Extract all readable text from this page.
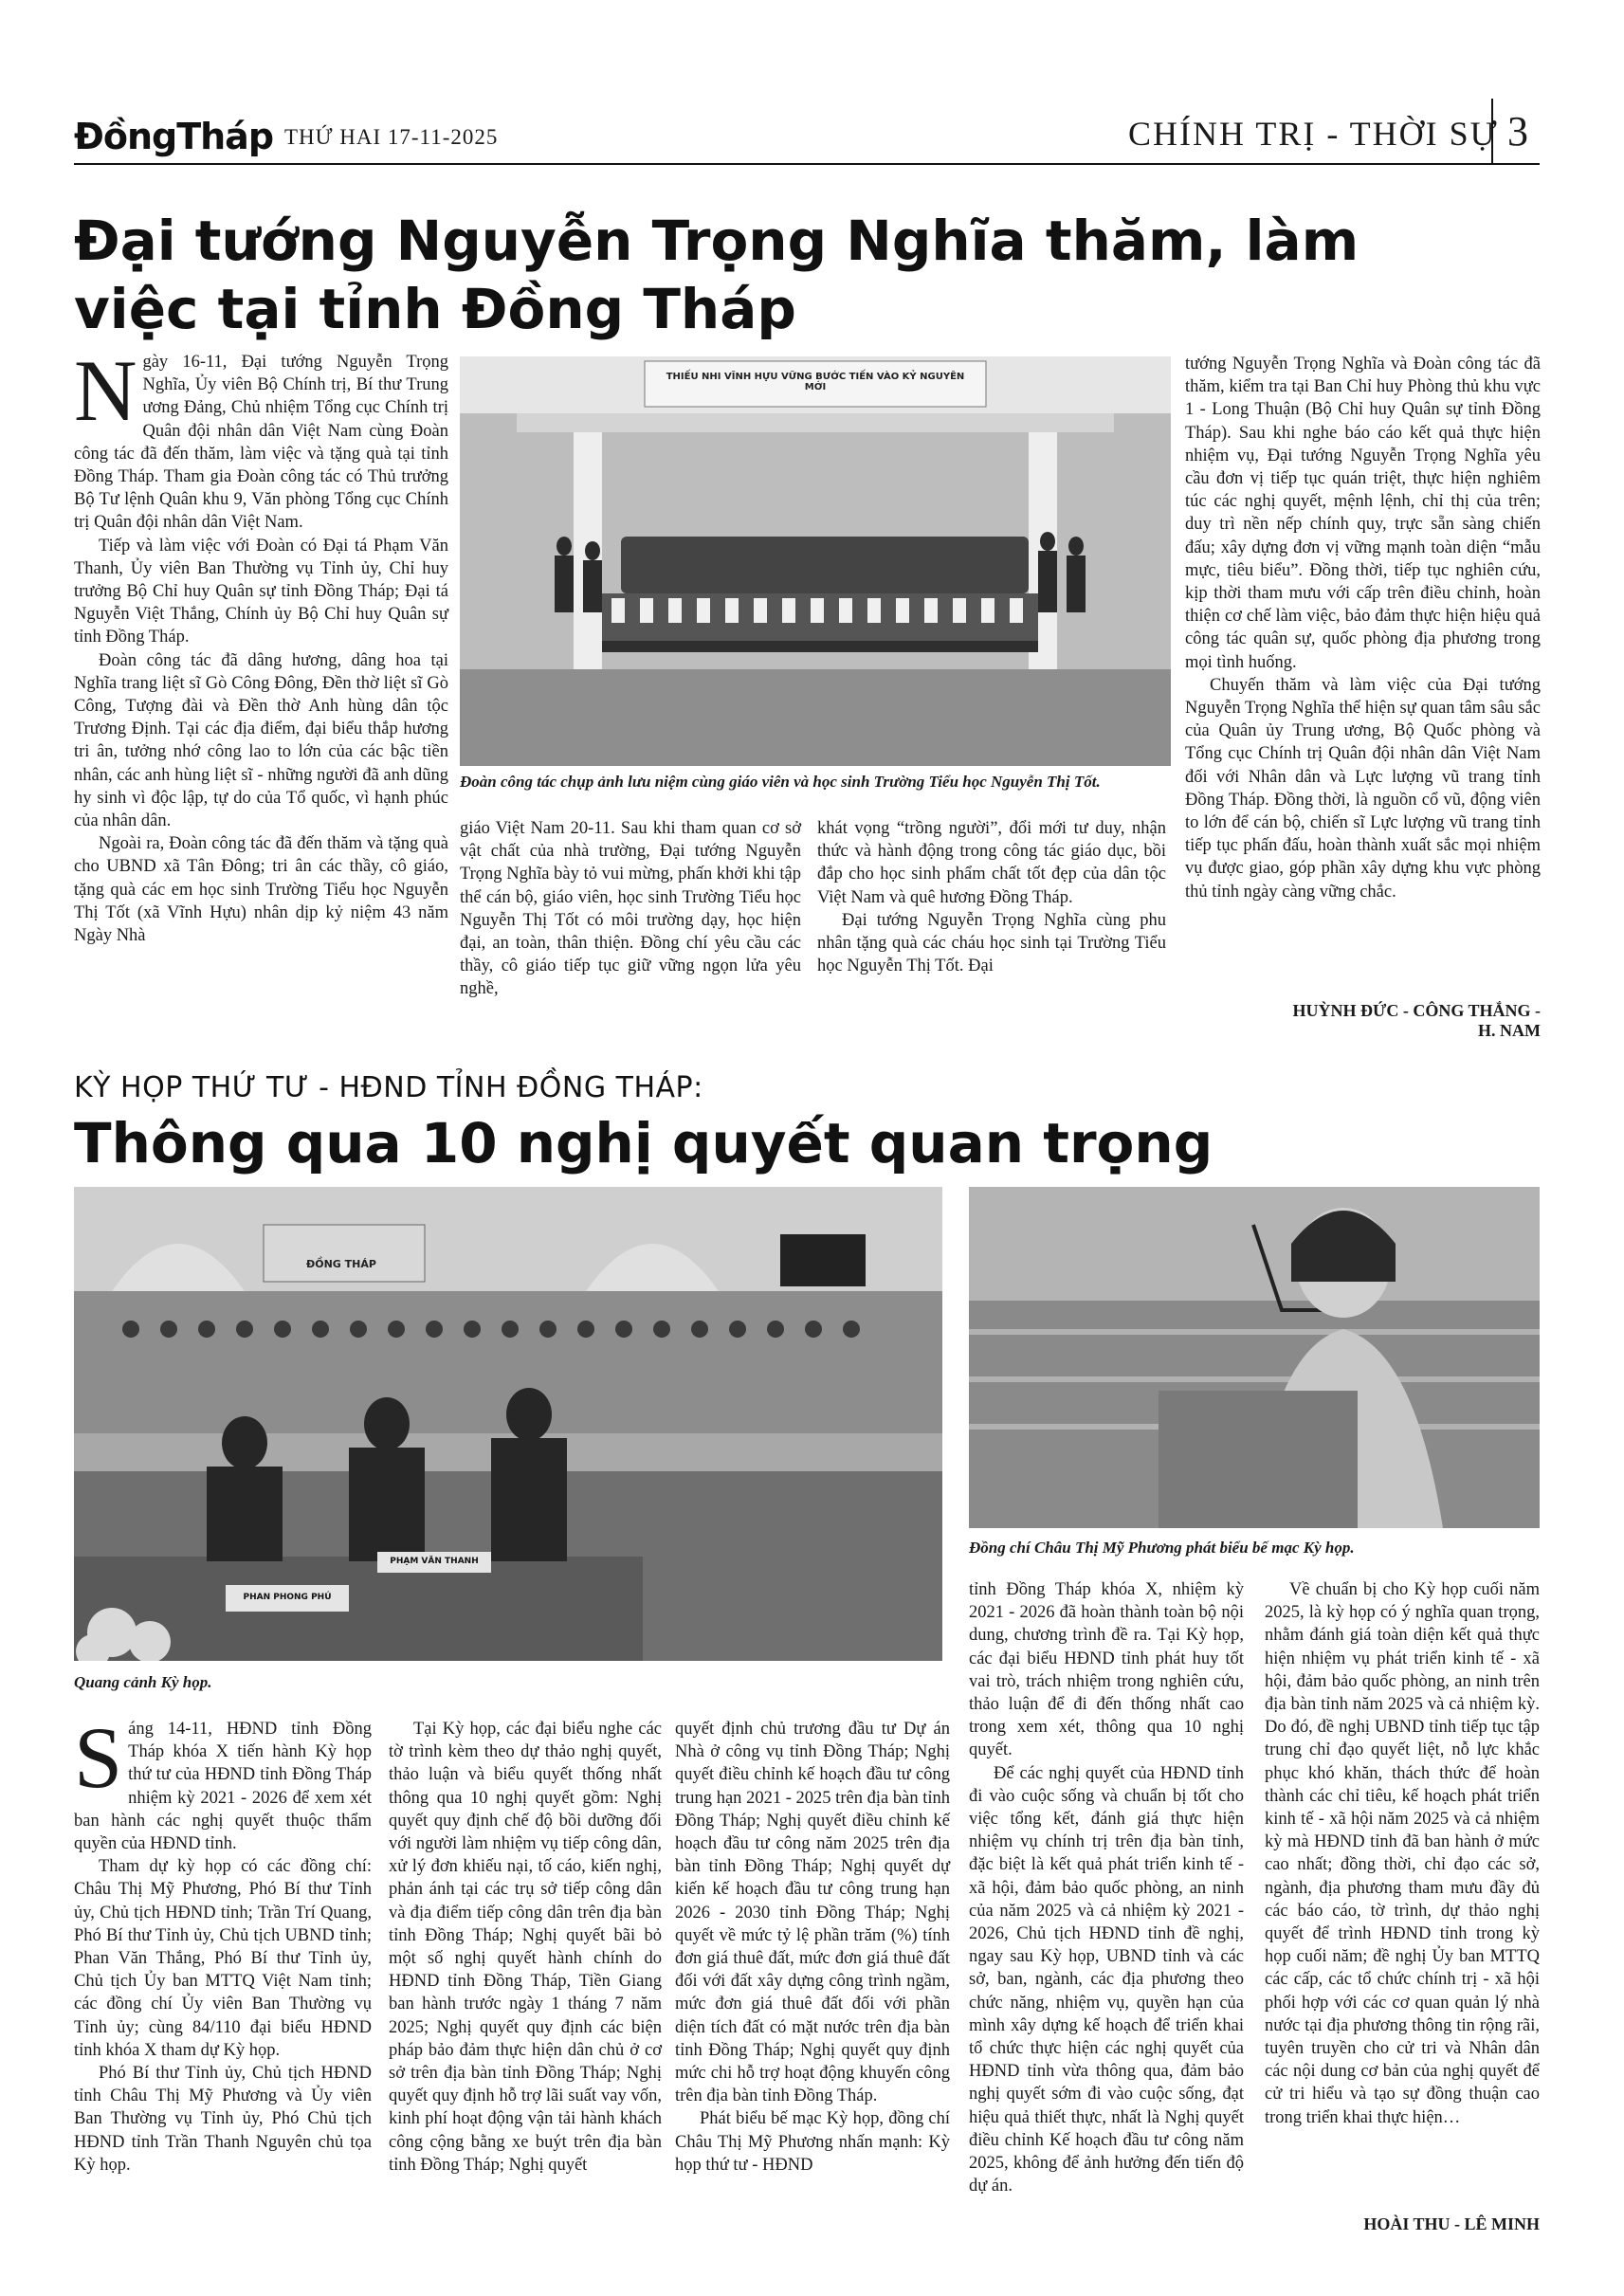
ĐồngTháp THỨ HAI 17-11-2025	CHÍNH TRỊ - THỜI SỰ 3
Đại tướng Nguyễn Trọng Nghĩa thăm, làm việc tại tỉnh Đồng Tháp

Ngày 16-11, Đại tướng Nguyễn Trọng Nghĩa, Ủy viên Bộ Chính trị, Bí thư Trung ương Đảng, Chủ nhiệm Tổng cục Chính trị Quân đội nhân dân Việt Nam cùng Đoàn công tác đã đến thăm, làm việc và tặng quà tại tỉnh Đồng Tháp. Tham gia Đoàn công tác có Thủ trưởng Bộ Tư lệnh Quân khu 9, Văn phòng Tổng cục Chính trị Quân đội nhân dân Việt Nam.

Tiếp và làm việc với Đoàn có Đại tá Phạm Văn Thanh, Ủy viên Ban Thường vụ Tỉnh ủy, Chỉ huy trưởng Bộ Chỉ huy Quân sự tỉnh Đồng Tháp; Đại tá Nguyễn Việt Thắng, Chính ủy Bộ Chỉ huy Quân sự tỉnh Đồng Tháp.

Đoàn công tác đã dâng hương, dâng hoa tại Nghĩa trang liệt sĩ Gò Công Đông, Đền thờ liệt sĩ Gò Công, Tượng đài và Đền thờ Anh hùng dân tộc Trương Định. Tại các địa điểm, đại biểu thắp hương tri ân, tưởng nhớ công lao to lớn của các bậc tiền nhân, các anh hùng liệt sĩ - những người đã anh dũng hy sinh vì độc lập, tự do của Tổ quốc, vì hạnh phúc của nhân dân.

Ngoài ra, Đoàn công tác đã đến thăm và tặng quà cho UBND xã Tân Đông; tri ân các thầy, cô giáo, tặng quà các em học sinh Trường Tiểu học Nguyễn Thị Tốt (xã Vĩnh Hựu) nhân dịp kỷ niệm 43 năm Ngày Nhà

THIẾU NHI VĨNH HỰU VỮNG BƯỚC TIẾN VÀO KỶ NGUYÊN MỚI
Đoàn công tác chụp ảnh lưu niệm cùng giáo viên và học sinh Trường Tiểu học Nguyễn Thị Tốt.

giáo Việt Nam 20-11. Sau khi tham quan cơ sở vật chất của nhà trường, Đại tướng Nguyễn Trọng Nghĩa bày tỏ vui mừng, phấn khởi khi tập thể cán bộ, giáo viên, học sinh Trường Tiểu học Nguyễn Thị Tốt có môi trường dạy, học hiện đại, an toàn, thân thiện. Đồng chí yêu cầu các thầy, cô giáo tiếp tục giữ vững ngọn lửa yêu nghề,

khát vọng “trồng người”, đổi mới tư duy, nhận thức và hành động trong công tác giáo dục, bồi đắp cho học sinh phẩm chất tốt đẹp của dân tộc Việt Nam và quê hương Đồng Tháp.

Đại tướng Nguyễn Trọng Nghĩa cùng phu nhân tặng quà các cháu học sinh tại Trường Tiểu học Nguyễn Thị Tốt. Đại

tướng Nguyễn Trọng Nghĩa và Đoàn công tác đã thăm, kiểm tra tại Ban Chỉ huy Phòng thủ khu vực 1 - Long Thuận (Bộ Chỉ huy Quân sự tỉnh Đồng Tháp). Sau khi nghe báo cáo kết quả thực hiện nhiệm vụ, Đại tướng Nguyễn Trọng Nghĩa yêu cầu đơn vị tiếp tục quán triệt, thực hiện nghiêm túc các nghị quyết, mệnh lệnh, chỉ thị của trên; duy trì nền nếp chính quy, trực sẵn sàng chiến đấu; xây dựng đơn vị vững mạnh toàn diện “mẫu mực, tiêu biểu”. Đồng thời, tiếp tục nghiên cứu, kịp thời tham mưu với cấp trên điều chỉnh, hoàn thiện cơ chế làm việc, bảo đảm thực hiện hiệu quả công tác quân sự, quốc phòng địa phương trong mọi tình huống.

Chuyến thăm và làm việc của Đại tướng Nguyễn Trọng Nghĩa thể hiện sự quan tâm sâu sắc của Quân ủy Trung ương, Bộ Quốc phòng và Tổng cục Chính trị Quân đội nhân dân Việt Nam đối với Nhân dân và Lực lượng vũ trang tỉnh Đồng Tháp. Đồng thời, là nguồn cổ vũ, động viên to lớn để cán bộ, chiến sĩ Lực lượng vũ trang tỉnh tiếp tục phấn đấu, hoàn thành xuất sắc mọi nhiệm vụ được giao, góp phần xây dựng khu vực phòng thủ tỉnh ngày càng vững chắc.

HUỲNH ĐỨC - CÔNG THẮNG -
H. NAM
KỲ HỌP THỨ TƯ - HĐND TỈNH ĐỒNG THÁP:
Thông qua 10 nghị quyết quan trọng
ĐỒNG THÁP
PHAN PHONG PHÚ
PHẠM VĂN THANH
Quang cảnh Kỳ họp.
Đồng chí Châu Thị Mỹ Phương phát biểu bế mạc Kỳ họp.

Sáng 14-11, HĐND tỉnh Đồng Tháp khóa X tiến hành Kỳ họp thứ tư của HĐND tỉnh Đồng Tháp nhiệm kỳ 2021 - 2026 để xem xét ban hành các nghị quyết thuộc thẩm quyền của HĐND tỉnh.

Tham dự kỳ họp có các đồng chí: Châu Thị Mỹ Phương, Phó Bí thư Tỉnh ủy, Chủ tịch HĐND tỉnh; Trần Trí Quang, Phó Bí thư Tỉnh ủy, Chủ tịch UBND tỉnh; Phan Văn Thắng, Phó Bí thư Tỉnh ủy, Chủ tịch Ủy ban MTTQ Việt Nam tỉnh; các đồng chí Ủy viên Ban Thường vụ Tỉnh ủy; cùng 84/110 đại biểu HĐND tỉnh khóa X tham dự Kỳ họp.

Phó Bí thư Tỉnh ủy, Chủ tịch HĐND tỉnh Châu Thị Mỹ Phương và Ủy viên Ban Thường vụ Tỉnh ủy, Phó Chủ tịch HĐND tỉnh Trần Thanh Nguyên chủ tọa Kỳ họp.

Tại Kỳ họp, các đại biểu nghe các tờ trình kèm theo dự thảo nghị quyết, thảo luận và biểu quyết thống nhất thông qua 10 nghị quyết gồm: Nghị quyết quy định chế độ bồi dưỡng đối với người làm nhiệm vụ tiếp công dân, xử lý đơn khiếu nại, tố cáo, kiến nghị, phản ánh tại các trụ sở tiếp công dân và địa điểm tiếp công dân trên địa bàn tỉnh Đồng Tháp; Nghị quyết bãi bỏ một số nghị quyết hành chính do HĐND tỉnh Đồng Tháp, Tiền Giang ban hành trước ngày 1 tháng 7 năm 2025; Nghị quyết quy định các biện pháp bảo đảm thực hiện dân chủ ở cơ sở trên địa bàn tỉnh Đồng Tháp; Nghị quyết quy định hỗ trợ lãi suất vay vốn, kinh phí hoạt động vận tải hành khách công cộng bằng xe buýt trên địa bàn tỉnh Đồng Tháp; Nghị quyết

quyết định chủ trương đầu tư Dự án Nhà ở công vụ tỉnh Đồng Tháp; Nghị quyết điều chỉnh kế hoạch đầu tư công trung hạn 2021 - 2025 trên địa bàn tỉnh Đồng Tháp; Nghị quyết điều chỉnh kế hoạch đầu tư công năm 2025 trên địa bàn tỉnh Đồng Tháp; Nghị quyết dự kiến kế hoạch đầu tư công trung hạn 2026 - 2030 tỉnh Đồng Tháp; Nghị quyết về mức tỷ lệ phần trăm (%) tính đơn giá thuê đất, mức đơn giá thuê đất đối với đất xây dựng công trình ngầm, mức đơn giá thuê đất đối với phần diện tích đất có mặt nước trên địa bàn tỉnh Đồng Tháp; Nghị quyết quy định mức chi hỗ trợ hoạt động khuyến công trên địa bàn tỉnh Đồng Tháp.

Phát biểu bế mạc Kỳ họp, đồng chí Châu Thị Mỹ Phương nhấn mạnh: Kỳ họp thứ tư - HĐND

tỉnh Đồng Tháp khóa X, nhiệm kỳ 2021 - 2026 đã hoàn thành toàn bộ nội dung, chương trình đề ra. Tại Kỳ họp, các đại biểu HĐND tỉnh phát huy tốt vai trò, trách nhiệm trong nghiên cứu, thảo luận để đi đến thống nhất cao trong xem xét, thông qua 10 nghị quyết.

Để các nghị quyết của HĐND tỉnh đi vào cuộc sống và chuẩn bị tốt cho việc tổng kết, đánh giá thực hiện nhiệm vụ chính trị trên địa bàn tỉnh, đặc biệt là kết quả phát triển kinh tế - xã hội, đảm bảo quốc phòng, an ninh của năm 2025 và cả nhiệm kỳ 2021 - 2026, Chủ tịch HĐND tỉnh đề nghị, ngay sau Kỳ họp, UBND tỉnh và các sở, ban, ngành, các địa phương theo chức năng, nhiệm vụ, quyền hạn của mình xây dựng kế hoạch để triển khai tổ chức thực hiện các nghị quyết của HĐND tỉnh vừa thông qua, đảm bảo nghị quyết sớm đi vào cuộc sống, đạt hiệu quả thiết thực, nhất là Nghị quyết điều chỉnh Kế hoạch đầu tư công năm 2025, không để ảnh hưởng đến tiến độ dự án.

Về chuẩn bị cho Kỳ họp cuối năm 2025, là kỳ họp có ý nghĩa quan trọng, nhằm đánh giá toàn diện kết quả thực hiện nhiệm vụ phát triển kinh tế - xã hội, đảm bảo quốc phòng, an ninh trên địa bàn tỉnh năm 2025 và cả nhiệm kỳ. Do đó, đề nghị UBND tỉnh tiếp tục tập trung chỉ đạo quyết liệt, nỗ lực khắc phục khó khăn, thách thức để hoàn thành các chỉ tiêu, kế hoạch phát triển kinh tế - xã hội năm 2025 và cả nhiệm kỳ mà HĐND tỉnh đã ban hành ở mức cao nhất; đồng thời, chỉ đạo các sở, ngành, địa phương tham mưu đầy đủ các báo cáo, tờ trình, dự thảo nghị quyết để trình HĐND tỉnh trong kỳ họp cuối năm; đề nghị Ủy ban MTTQ các cấp, các tổ chức chính trị - xã hội phối hợp với các cơ quan quản lý nhà nước tại địa phương thông tin rộng rãi, tuyên truyền cho cử tri và Nhân dân các nội dung cơ bản của nghị quyết để cử tri hiểu và tạo sự đồng thuận cao trong triển khai thực hiện…

HOÀI THU - LÊ MINH
